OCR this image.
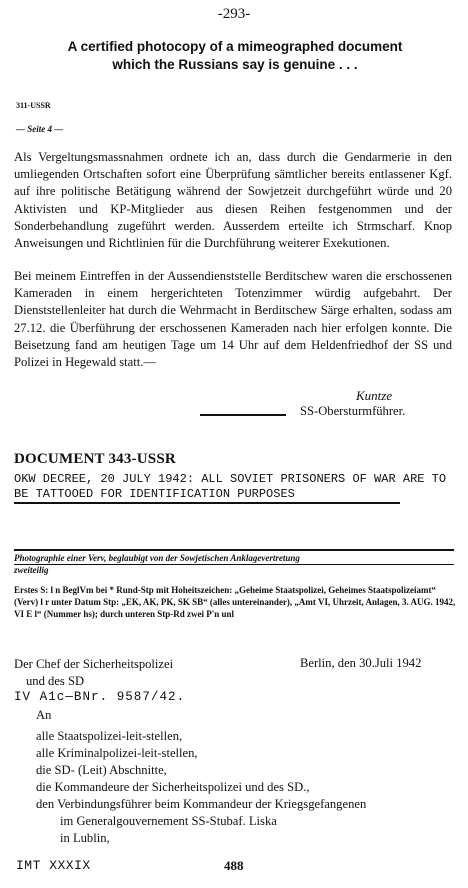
-293-
A certified photocopy of a mimeographed document
which the Russians say is genuine . . .
311-USSR
— Seite 4 —
Als Vergeltungsmassnahmen ordnete ich an, dass durch die Gendarmerie in den umliegenden Ortschaften sofort eine Überprüfung sämtlicher bereits entlassener Kgf. auf ihre politische Betätigung während der Sowjetzeit durchgeführt würde und 20 Aktivisten und KP-Mitglieder aus diesen Reihen festgenommen und der Sonderbehandlung zugeführt werden. Ausserdem erteilte ich Strmscharf. Knop Anweisungen und Richtlinien für die Durchführung weiterer Exekutionen.
Bei meinem Eintreffen in der Aussendienststelle Berditschew waren die erschossenen Kameraden in einem hergerichteten Totenzimmer würdig aufgebahrt. Der Dienststellenleiter hat durch die Wehrmacht in Berditschew Särge erhalten, sodass am 27.12. die Überführung der erschossenen Kameraden nach hier erfolgen konnte. Die Beisetzung fand am heutigen Tage um 14 Uhr auf dem Heldenfriedhof der SS und Polizei in Hegewald statt.—
Kuntze
SS-Obersturmführer.
DOCUMENT 343-USSR
OKW DECREE, 20 JULY 1942: ALL SOVIET PRISONERS OF WAR ARE TO BE TATTOOED FOR IDENTIFICATION PURPOSES
Photographie einer Verv, beglaubigt von der Sowjetischen Anklagevertretung
zweiteilig
Erstes S: l n BeglVm bei * Rund-Stp mit Hoheitszeichen: „Geheime Staatspolizei, Geheimes Staatspolizeiamt“ (Verv) l r unter Datum Stp: „EK, AK, PK, SK SB“ (alles untereinander), „Amt VI, Uhrzeit, Anlagen, 3. AUG. 1942, VI E l“ (Nummer hs); durch unteren Stp-Rd zwei P'n unl
Der Chef der Sicherheitspolizei
und des SD
Berlin, den 30.Juli 1942
IV A1c—BNr. 9587/42.
An
alle Staatspolizei-leit-stellen,
alle Kriminalpolizei-leit-stellen,
die SD- (Leit) Abschnitte,
die Kommandeure der Sicherheitspolizei und des SD.,
den Verbindungsführer beim Kommandeur der Kriegsgefangenen
im Generalgouvernement SS-Stubaf. Liska
in Lublin,
IMT XXXIX	488
